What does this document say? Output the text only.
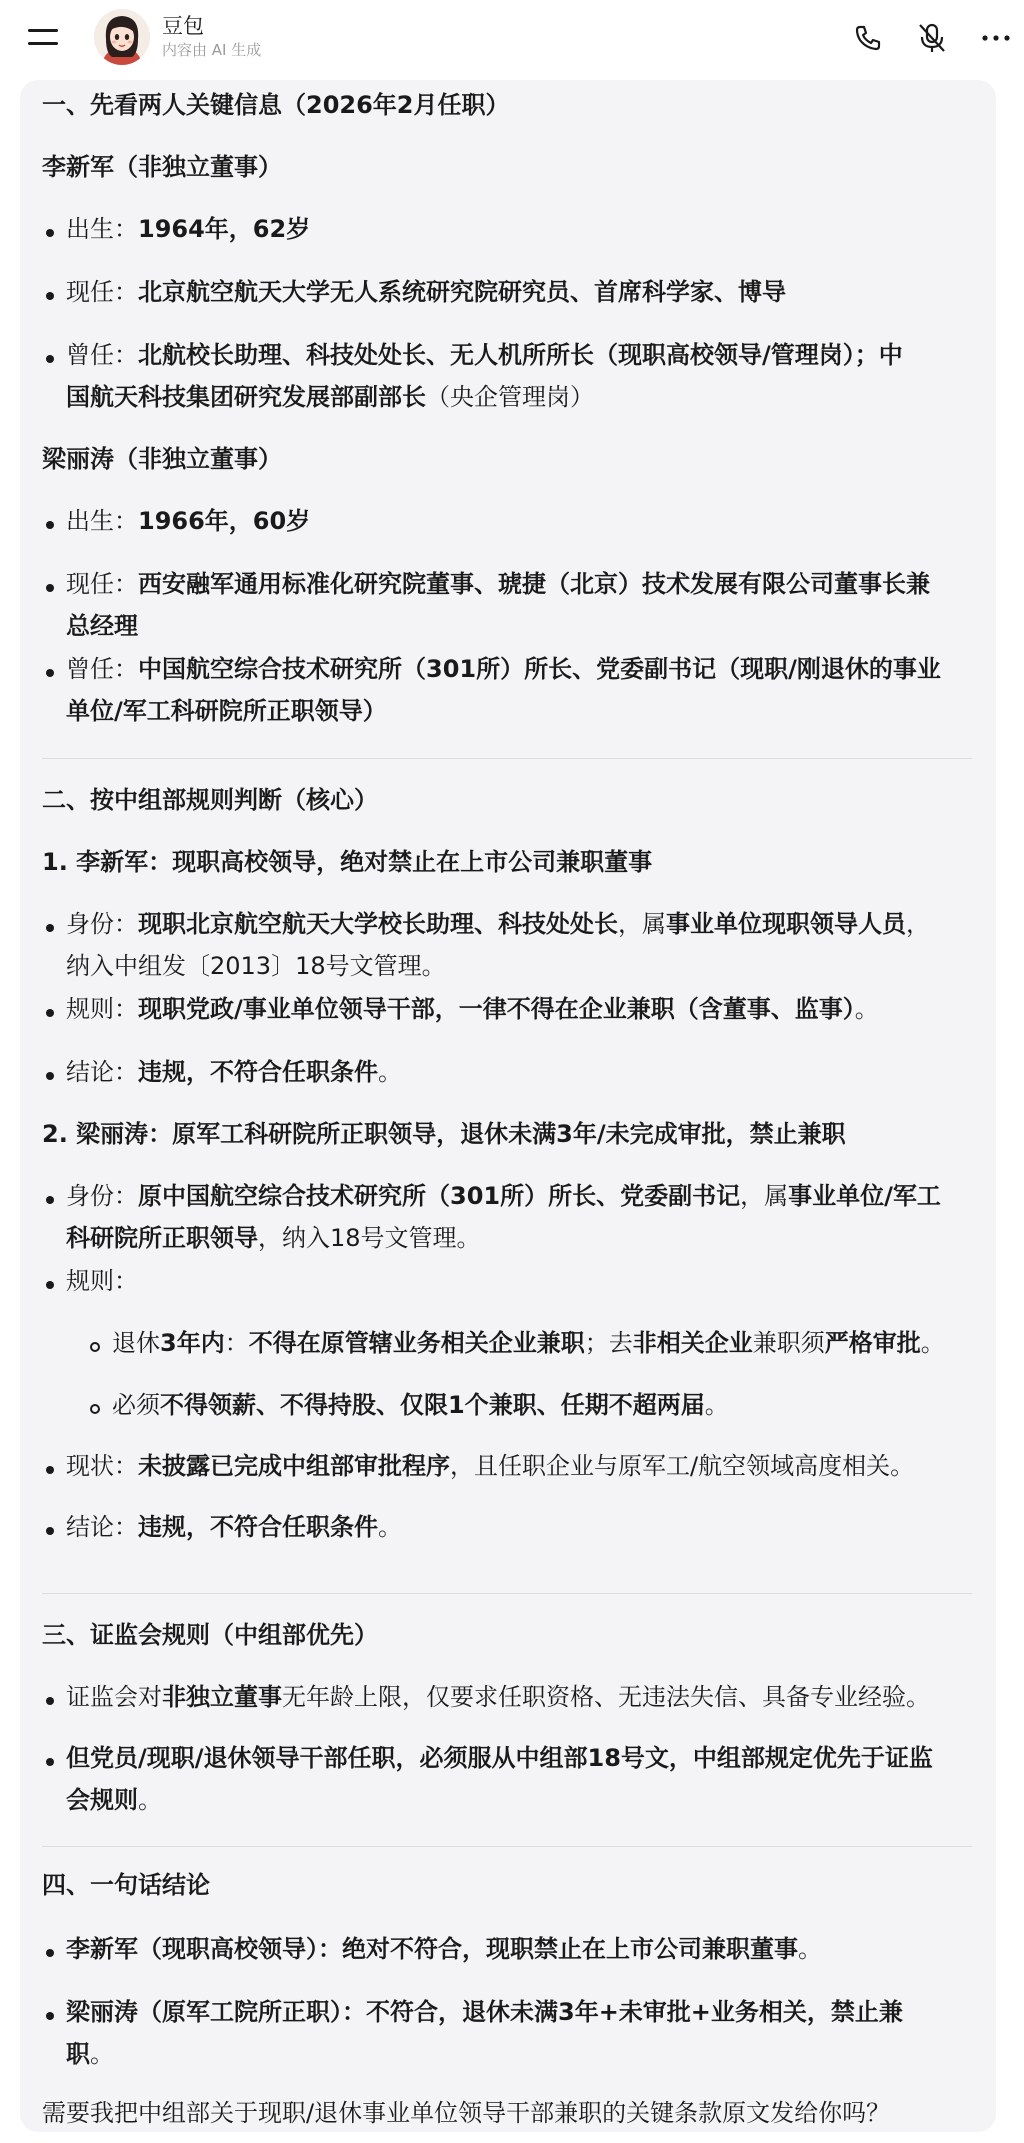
豆包
内容由 AI 生成
一、先看两人关键信息（2026年2月任职）
李新军（非独立董事）
出生：1964年，62岁
现任：北京航空航天大学无人系统研究院研究员、首席科学家、博导
曾任：北航校长助理、科技处处长、无人机所所长（现职高校领导/管理岗）；中
国航天科技集团研究发展部副部长（央企管理岗）
梁丽涛（非独立董事）
出生：1966年，60岁
现任：西安融军通用标准化研究院董事、琥捷（北京）技术发展有限公司董事长兼
总经理
曾任：中国航空综合技术研究所（301所）所长、党委副书记（现职/刚退休的事业
单位/军工科研院所正职领导）
二、按中组部规则判断（核心）
1. 李新军：现职高校领导，绝对禁止在上市公司兼职董事
身份：现职北京航空航天大学校长助理、科技处处长，属事业单位现职领导人员，
纳入中组发〔2013〕18号文管理。
规则：现职党政/事业单位领导干部，一律不得在企业兼职（含董事、监事）。
结论：违规，不符合任职条件。
2. 梁丽涛：原军工科研院所正职领导，退休未满3年/未完成审批，禁止兼职
身份：原中国航空综合技术研究所（301所）所长、党委副书记，属事业单位/军工
科研院所正职领导，纳入18号文管理。
规则：
退休3年内：不得在原管辖业务相关企业兼职；去非相关企业兼职须严格审批。
必须不得领薪、不得持股、仅限1个兼职、任期不超两届。
现状：未披露已完成中组部审批程序，且任职企业与原军工/航空领域高度相关。
结论：违规，不符合任职条件。
三、证监会规则（中组部优先）
证监会对非独立董事无年龄上限，仅要求任职资格、无违法失信、具备专业经验。
但党员/现职/退休领导干部任职，必须服从中组部18号文，中组部规定优先于证监
会规则。
四、一句话结论
李新军（现职高校领导）：绝对不符合，现职禁止在上市公司兼职董事。
梁丽涛（原军工院所正职）：不符合，退休未满3年+未审批+业务相关，禁止兼
职。
需要我把中组部关于现职/退休事业单位领导干部兼职的关键条款原文发给你吗？
